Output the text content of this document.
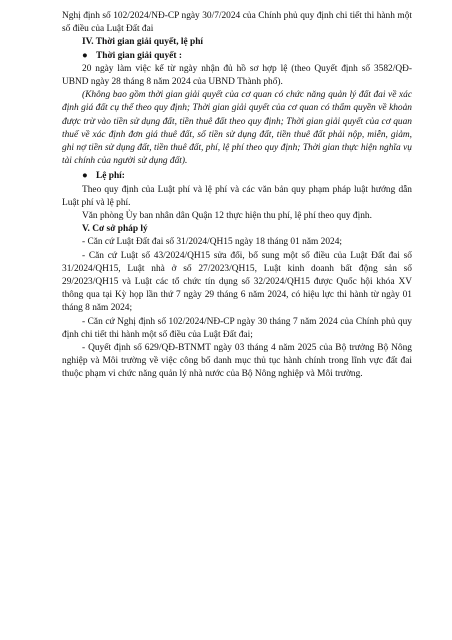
Nghị định số 102/2024/NĐ-CP ngày 30/7/2024 của Chính phủ quy định chi tiết thi hành một số điều của Luật Đất đai

IV. Thời gian giải quyết, lệ phí

● Thời gian giải quyết :

20 ngày làm việc kể từ ngày nhận đủ hồ sơ hợp lệ (theo Quyết định số 3582/QĐ-UBND ngày 28 tháng 8 năm 2024 của UBND Thành phố).

(Không bao gồm thời gian giải quyết của cơ quan có chức năng quản lý đất đai về xác định giá đất cụ thể theo quy định; Thời gian giải quyết của cơ quan có thẩm quyền về khoản được trừ vào tiền sử dụng đất, tiền thuê đất theo quy định; Thời gian giải quyết của cơ quan thuế về xác định đơn giá thuê đất, số tiền sử dụng đất, tiền thuê đất phải nộp, miễn, giảm, ghi nợ tiền sử dụng đất, tiền thuê đất, phí, lệ phí theo quy định; Thời gian thực hiện nghĩa vụ tài chính của người sử dụng đất).

● Lệ phí:

Theo quy định của Luật phí và lệ phí và các văn bản quy phạm pháp luật hướng dẫn Luật phí và lệ phí.

Văn phòng Ủy ban nhân dân Quận 12 thực hiện thu phí, lệ phí theo quy định.

V. Cơ sở pháp lý

- Căn cứ Luật Đất đai số 31/2024/QH15 ngày 18 tháng 01 năm 2024;

- Căn cứ Luật số 43/2024/QH15 sửa đổi, bổ sung một số điều của Luật Đất đai số 31/2024/QH15, Luật nhà ở số 27/2023/QH15, Luật kinh doanh bất động sản số 29/2023/QH15 và Luật các tổ chức tín dụng số 32/2024/QH15 được Quốc hội khóa XV thông qua tại Kỳ họp lần thứ 7 ngày 29 tháng 6 năm 2024, có hiệu lực thi hành từ ngày 01 tháng 8 năm 2024;

- Căn cứ Nghị định số 102/2024/NĐ-CP ngày 30 tháng 7 năm 2024 của Chính phủ quy định chi tiết thi hành một số điều của Luật Đất đai;

- Quyết định số 629/QĐ-BTNMT ngày 03 tháng 4 năm 2025 của Bộ trưởng Bộ Nông nghiệp và Môi trường về việc công bố danh mục thủ tục hành chính trong lĩnh vực đất đai thuộc phạm vi chức năng quản lý nhà nước của Bộ Nông nghiệp và Môi trường.
